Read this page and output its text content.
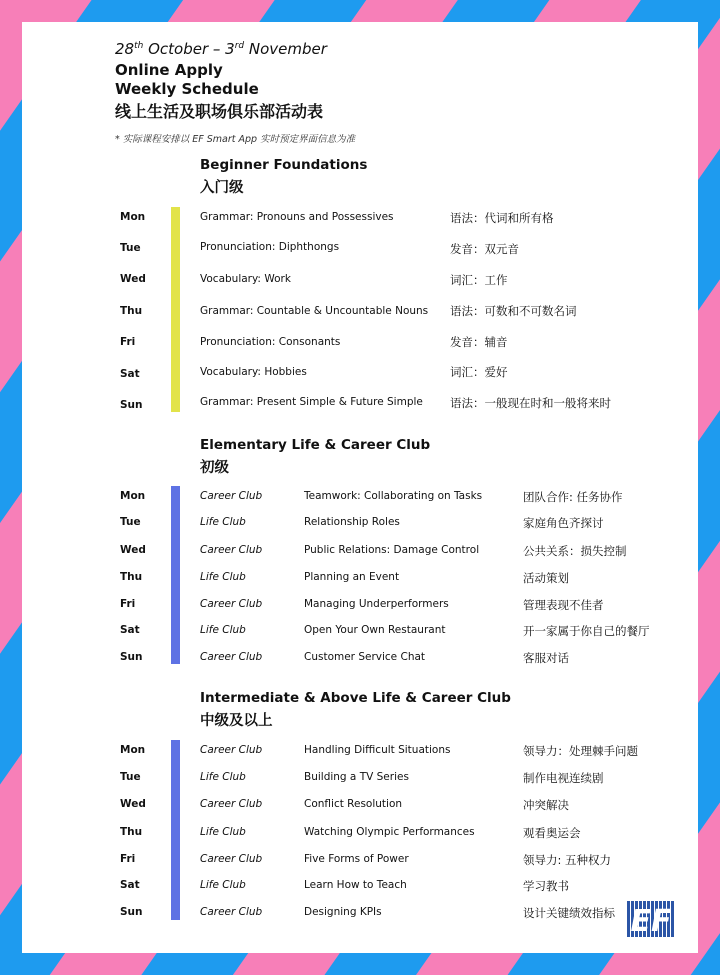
28th October – 3rd November
Online Apply
Weekly Schedule
线上生活及职场俱乐部活动表
* 实际课程安排以 EF Smart App 实时预定界面信息为准
Beginner Foundations
入门级
Mon	Grammar: Pronouns and Possessives	语法：代词和所有格
Tue	Pronunciation: Diphthongs	发音：双元音
Wed	Vocabulary: Work	词汇：工作
Thu	Grammar: Countable & Uncountable Nouns 语法：可数和不可数名词
Fri	Pronunciation: Consonants	发音：辅音
Sat	Vocabulary: Hobbies	词汇：爱好
Sun	Grammar: Present Simple & Future Simple 语法：一般现在时和一般将来时
Elementary Life & Career Club
初级
Mon	Career Club	Teamwork: Collaborating on Tasks	团队合作: 任务协作
Tue	Life Club	Relationship Roles	家庭角色齐探讨
Wed	Career Club	Public Relations: Damage Control	公共关系：损失控制
Thu	Life Club	Planning an Event	活动策划
Fri	Career Club	Managing Underperformers	管理表现不佳者
Sat	Life Club	Open Your Own Restaurant	开一家属于你自己的餐厅
Sun	Career Club	Customer Service Chat	客服对话
Intermediate & Above Life & Career Club
中级及以上
Mon	Career Club	Handling Difficult Situations	领导力：处理棘手问题
Tue	Life Club	Building a TV Series	制作电视连续剧
Wed	Career Club	Conflict Resolution	冲突解决
Thu	Life Club	Watching Olympic Performances	观看奥运会
Fri	Career Club	Five Forms of Power	领导力: 五种权力
Sat	Life Club	Learn How to Teach	学习教书
Sun	Career Club	Designing KPIs	设计关键绩效指标 EF
